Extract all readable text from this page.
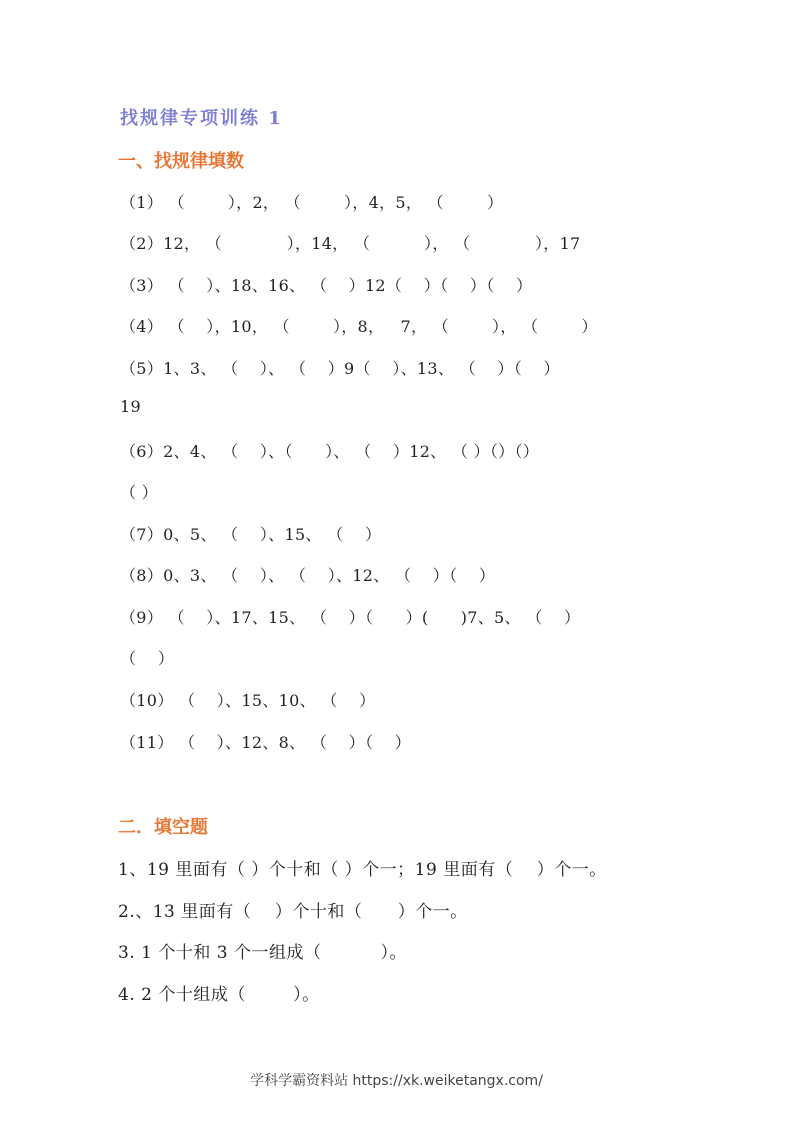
找规律专项训练 1
一、找规律填数
（1） （        ），2， （        ），4，5， （        ）
（2）12， （            ），14， （          ）， （            ），17
（3） （    ）、18、16、 （    ）12（    ）（    ）（    ）
（4） （    ），10， （        ），8，   7， （        ）， （        ）
（5）1、3、 （    ）、 （    ）9（    ）、13、 （    ）（    ）
19
（6）2、4、 （    ）、（      ）、 （    ）12、 （ ）（）（）
（ ）
（7）0、5、 （    ）、15、 （    ）
（8）0、3、 （    ）、 （    ）、12、 （    ）（    ）
（9） （    ）、17、15、 （    ）（      ）(      )7、5、 （    ）
（    ）
（10） （    ）、15、10、 （    ）
（11） （    ）、12、8、 （    ）（    ）
二．填空题
1、19 里面有（ ）个十和（ ）个一；19 里面有（    ）个一。
2.、13 里面有（    ）个十和（      ）个一。
3. 1 个十和 3 个一组成（          ）。
4. 2 个十组成（        ）。
学科学霸资料站 https://xk.weiketangx.com/
